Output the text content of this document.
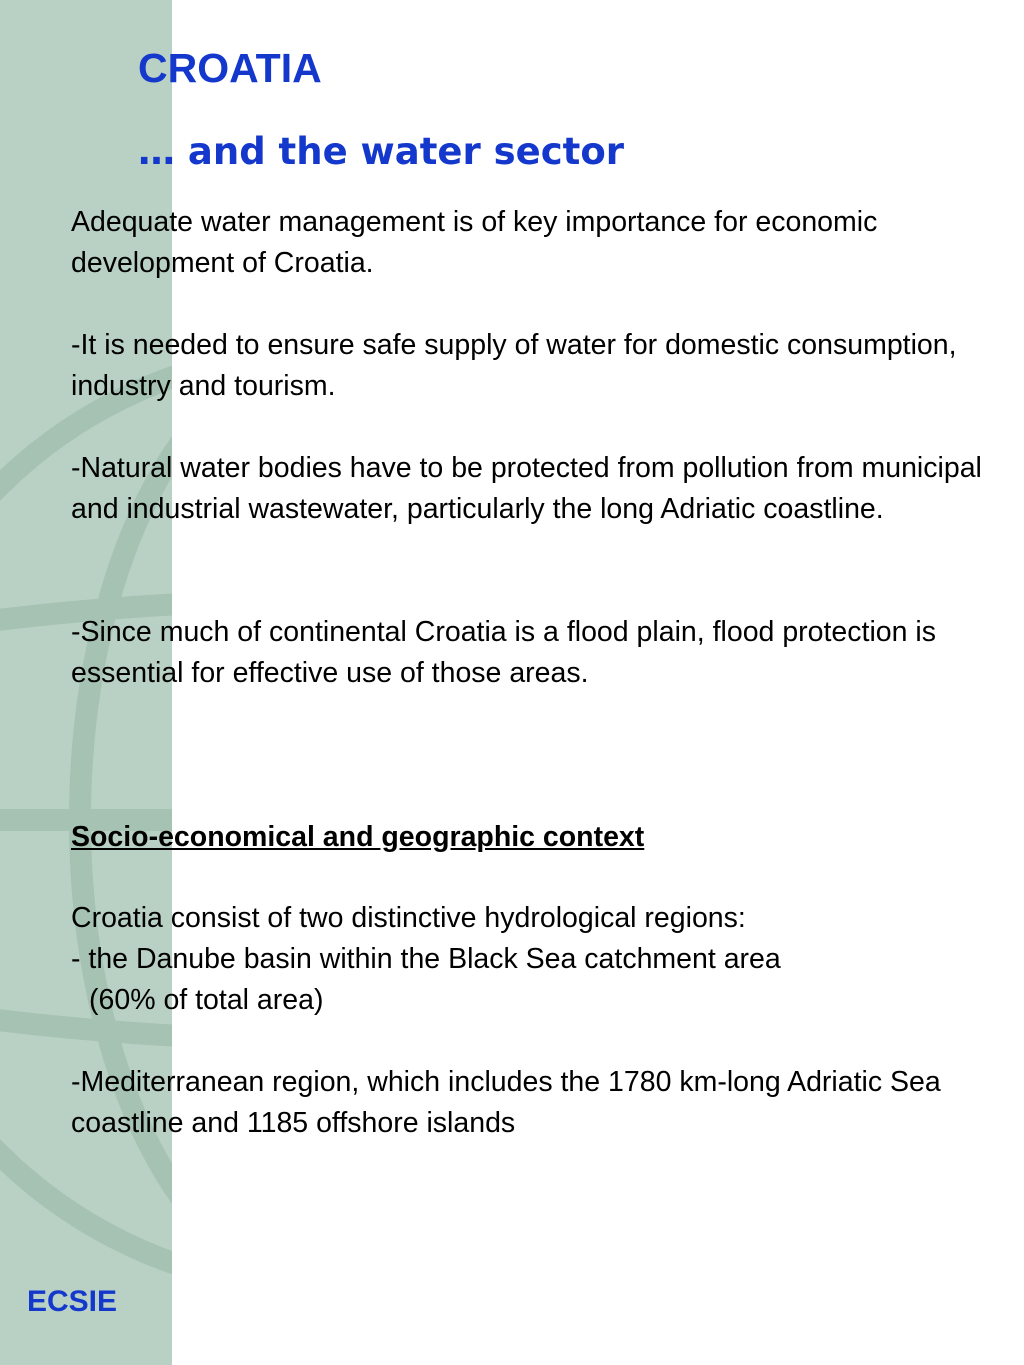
CROATIA
… and the water sector

Adequate water management is of key importance for economic development of Croatia.

-It is needed to ensure safe supply of water for domestic consumption, industry and tourism.

-Natural water bodies have to be protected from pollution from municipal and industrial wastewater, particularly the long Adriatic coastline.

-Since much of continental Croatia is a flood plain, flood protection is essential for effective use of those areas.

Socio-economical and geographic context

Croatia consist of two distinctive hydrological regions:

- the Danube basin within the Black Sea catchment area

(60% of total area)

-Mediterranean region, which includes the 1780 km-long Adriatic Sea coastline and 1185 offshore islands

ECSIE
